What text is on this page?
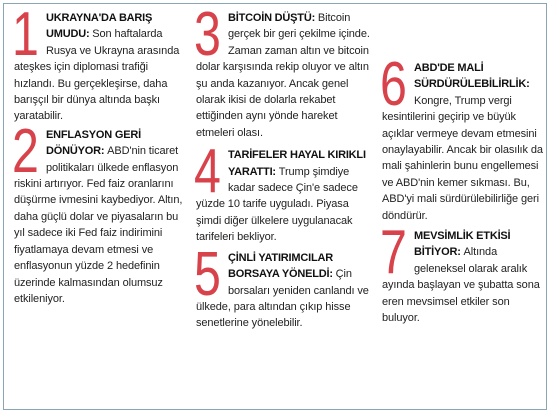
1 UKRAYNA'DA BARIŞ UMUDU: Son haftalarda Rusya ve Ukrayna arasında ateşkes için diplomasi trafiği hızlandı. Bu gerçekleşirse, daha barışçıl bir dünya altında başkı yaratabilir.
2 ENFLASYON GERİ DÖNÜYOR: ABD'nin ticaret politikaları ülkede enflasyon riskini artırıyor. Fed faiz oranlarını düşürme ivmesini kaybediyor. Altın, daha güçlü dolar ve piyasaların bu yıl sadece iki Fed faiz indirimini fiyatlamaya devam etmesi ve enflasyonun yüzde 2 hedefinin üzerinde kalmasından olumsuz etkileniyor.
3 BİTCOİN DÜŞTÜ: Bitcoin gerçek bir geri çekilme içinde. Zaman zaman altın ve bitcoin dolar karşısında rekip oluyor ve altın şu anda kazanıyor. Ancak genel olarak ikisi de dolarla rekabet ettiğinden aynı yönde hareket etmeleri olası.
4 TARİFELER HAYAL KIRIKLI YARATTI: Trump şimdiye kadar sadece Çin'e sadece yüzde 10 tarife uyguladı. Piyasa şimdi diğer ülkelere uygulanacak tarifeleri bekliyor.
5 ÇİNLİ YATIRIMCILAR BORSAYA YÖNELDİ: Çin borsaları yeniden canlandı ve ülkede, para altından çıkıp hisse senetlerine yönelebilir.
6 ABD'DE MALİ SÜRDÜRÜLEBİLİRLİK: Kongre, Trump vergi kesintilerini geçirip ve büyük açıklar vermeye devam etmesini onaylayabilir. Ancak bir olasılık da mali şahinlerin bunu engellemesi ve ABD'nin kemer sıkması. Bu, ABD'yi mali sürdürülebilirliğe geri döndürür.
7 MEVSİMLİK ETKİSİ BİTİYOR: Altında geleneksel olarak aralık ayında başlayan ve şubatta sona eren mevsimsel etkiler son buluyor.
